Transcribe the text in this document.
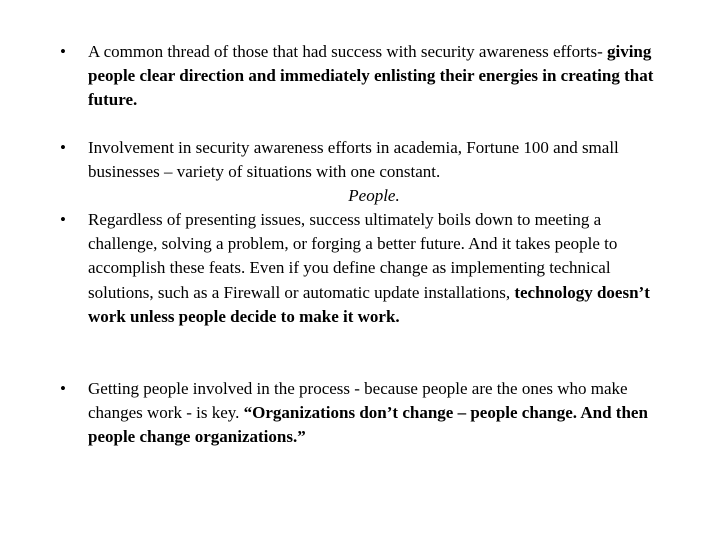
• A common thread of those that had success with security awareness efforts- giving people clear direction and immediately enlisting their energies in creating that future.
• Involvement in security awareness efforts in academia, Fortune 100 and small businesses – variety of situations with one constant.
People.
• Regardless of presenting issues, success ultimately boils down to meeting a challenge, solving a problem, or forging a better future. And it takes people to accomplish these feats. Even if you define change as implementing technical solutions, such as a Firewall or automatic update installations, technology doesn’t work unless people decide to make it work.
• Getting people involved in the process - because people are the ones who make changes work - is key. “Organizations don’t change – people change. And then people change organizations.”
